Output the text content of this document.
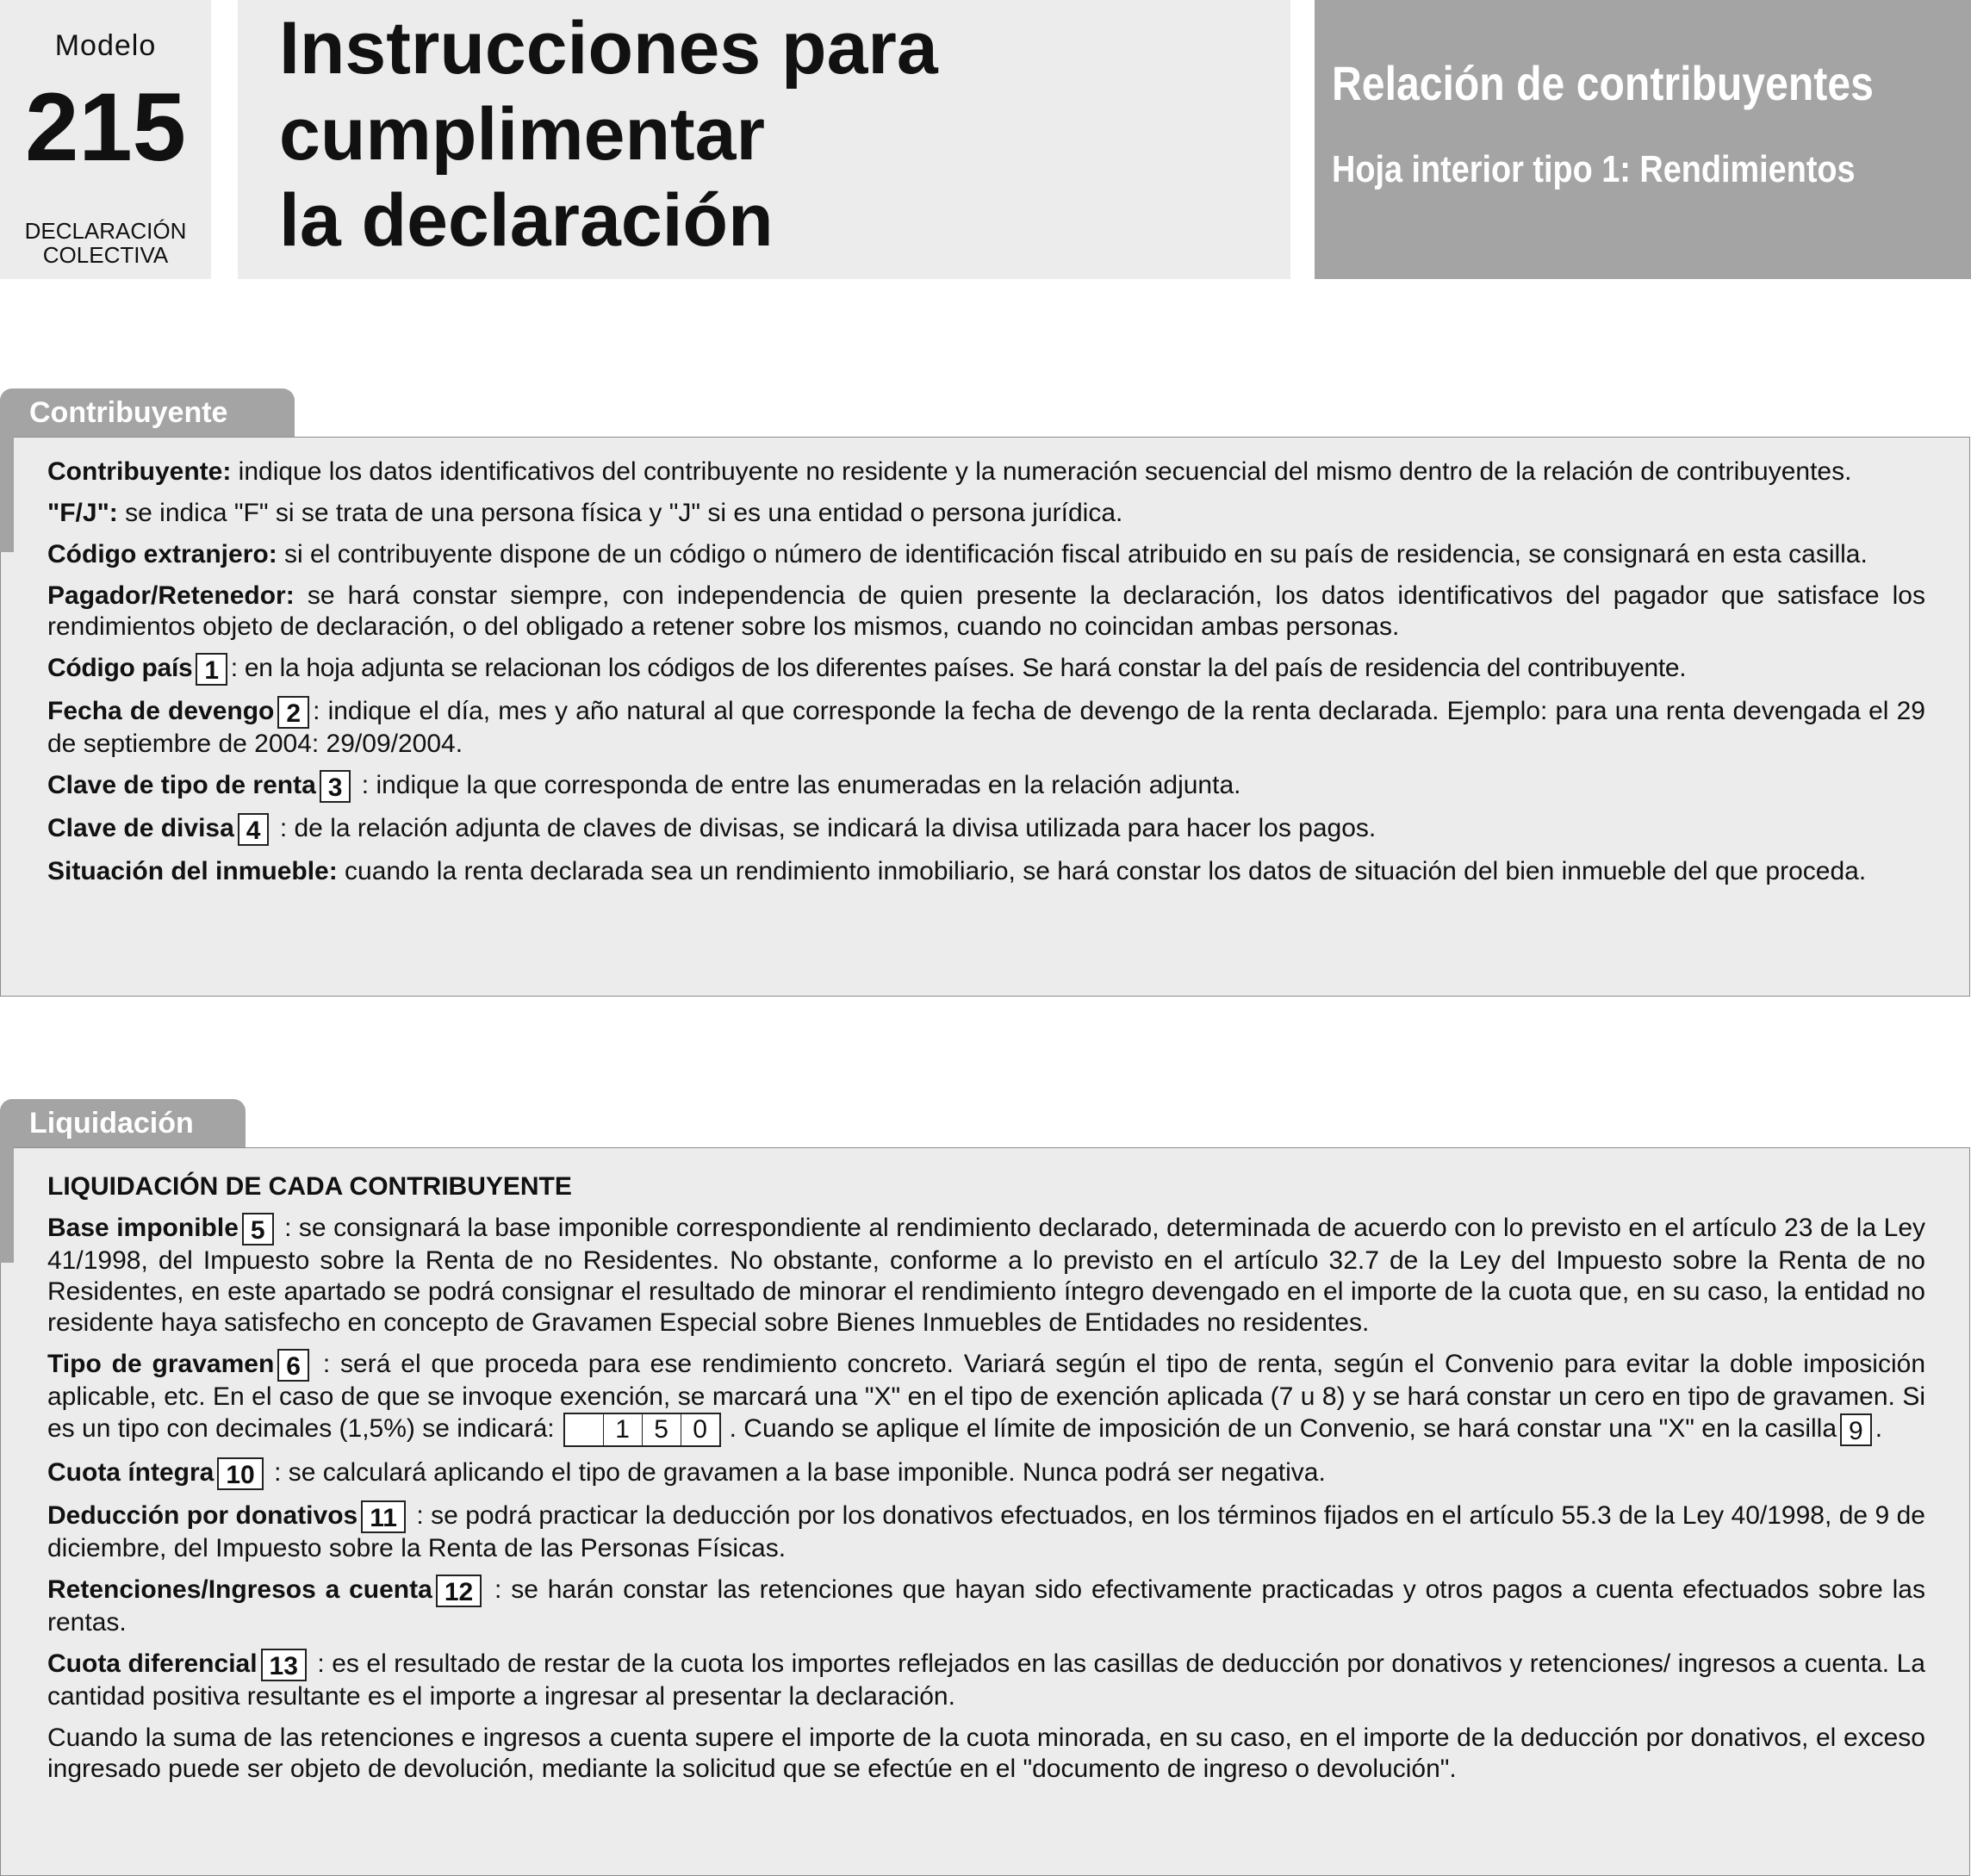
Modelo
215
DECLARACIÓN
COLECTIVA
Instrucciones para
cumplimentar
la declaración
Relación de contribuyentes
Hoja interior tipo 1: Rendimientos
Contribuyente

Contribuyente: indique los datos identificativos del contribuyente no residente y la numeración secuencial del mismo dentro de la relación de contribuyentes.

"F/J": se indica "F" si se trata de una persona física y "J" si es una entidad o persona jurídica.

Código extranjero: si el contribuyente dispone de un código o número de identificación fiscal atribuido en su país de residencia, se consignará en esta casilla.

Pagador/Retenedor: se hará constar siempre, con independencia de quien presente la declaración, los datos identificativos del pagador que satisface los rendimientos objeto de declaración, o del obligado a retener sobre los mismos, cuando no coincidan ambas personas.

Código país 1 : en la hoja adjunta se relacionan los códigos de los diferentes países. Se hará constar la del país de residencia del contribuyente.

Fecha de devengo 2 : indique el día, mes y año natural al que corresponde la fecha de devengo de la renta declarada. Ejemplo: para una renta devengada el 29 de septiembre de 2004: 29/09/2004.

Clave de tipo de renta 3 : indique la que corresponda de entre las enumeradas en la relación adjunta.

Clave de divisa 4 : de la relación adjunta de claves de divisas, se indicará la divisa utilizada para hacer los pagos.

Situación del inmueble: cuando la renta declarada sea un rendimiento inmobiliario, se hará constar los datos de situación del bien inmueble del que proceda.

Liquidación
LIQUIDACIÓN DE CADA CONTRIBUYENTE

Base imponible 5 : se consignará la base imponible correspondiente al rendimiento declarado, determinada de acuerdo con lo previsto en el artículo 23 de la Ley 41/1998, del Impuesto sobre la Renta de no Residentes. No obstante, conforme a lo previsto en el artículo 32.7 de la Ley del Impuesto sobre la Renta de no Residentes, en este apartado se podrá consignar el resultado de minorar el rendimiento íntegro devengado en el importe de la cuota que, en su caso, la entidad no residente haya satisfecho en concepto de Gravamen Especial sobre Bienes Inmuebles de Entidades no residentes.

Tipo de gravamen 6 : será el que proceda para ese rendimiento concreto. Variará según el tipo de renta, según el Convenio para evitar la doble imposición aplicable, etc. En el caso de que se invoque exención, se marcará una "X" en el tipo de exención aplicada (7 u 8) y se hará constar un cero en tipo de gravamen. Si es un tipo con decimales (1,5%) se indicará:	1 5 0 . Cuando se aplique el límite de imposición de un Convenio, se hará constar una "X" en la casilla 9 .

Cuota íntegra 10 : se calculará aplicando el tipo de gravamen a la base imponible. Nunca podrá ser negativa.

Deducción por donativos 11 : se podrá practicar la deducción por los donativos efectuados, en los términos fijados en el artículo 55.3 de la Ley 40/1998, de 9 de diciembre, del Impuesto sobre la Renta de las Personas Físicas.

Retenciones/Ingresos a cuenta 12 : se harán constar las retenciones que hayan sido efectivamente practicadas y otros pagos a cuenta efectuados sobre las rentas.

Cuota diferencial 13 : es el resultado de restar de la cuota los importes reflejados en las casillas de deducción por donativos y retenciones/ ingresos a cuenta. La cantidad positiva resultante es el importe a ingresar al presentar la declaración.

Cuando la suma de las retenciones e ingresos a cuenta supere el importe de la cuota minorada, en su caso, en el importe de la deducción por donativos, el exceso ingresado puede ser objeto de devolución, mediante la solicitud que se efectúe en el "documento de ingreso o devolución".
